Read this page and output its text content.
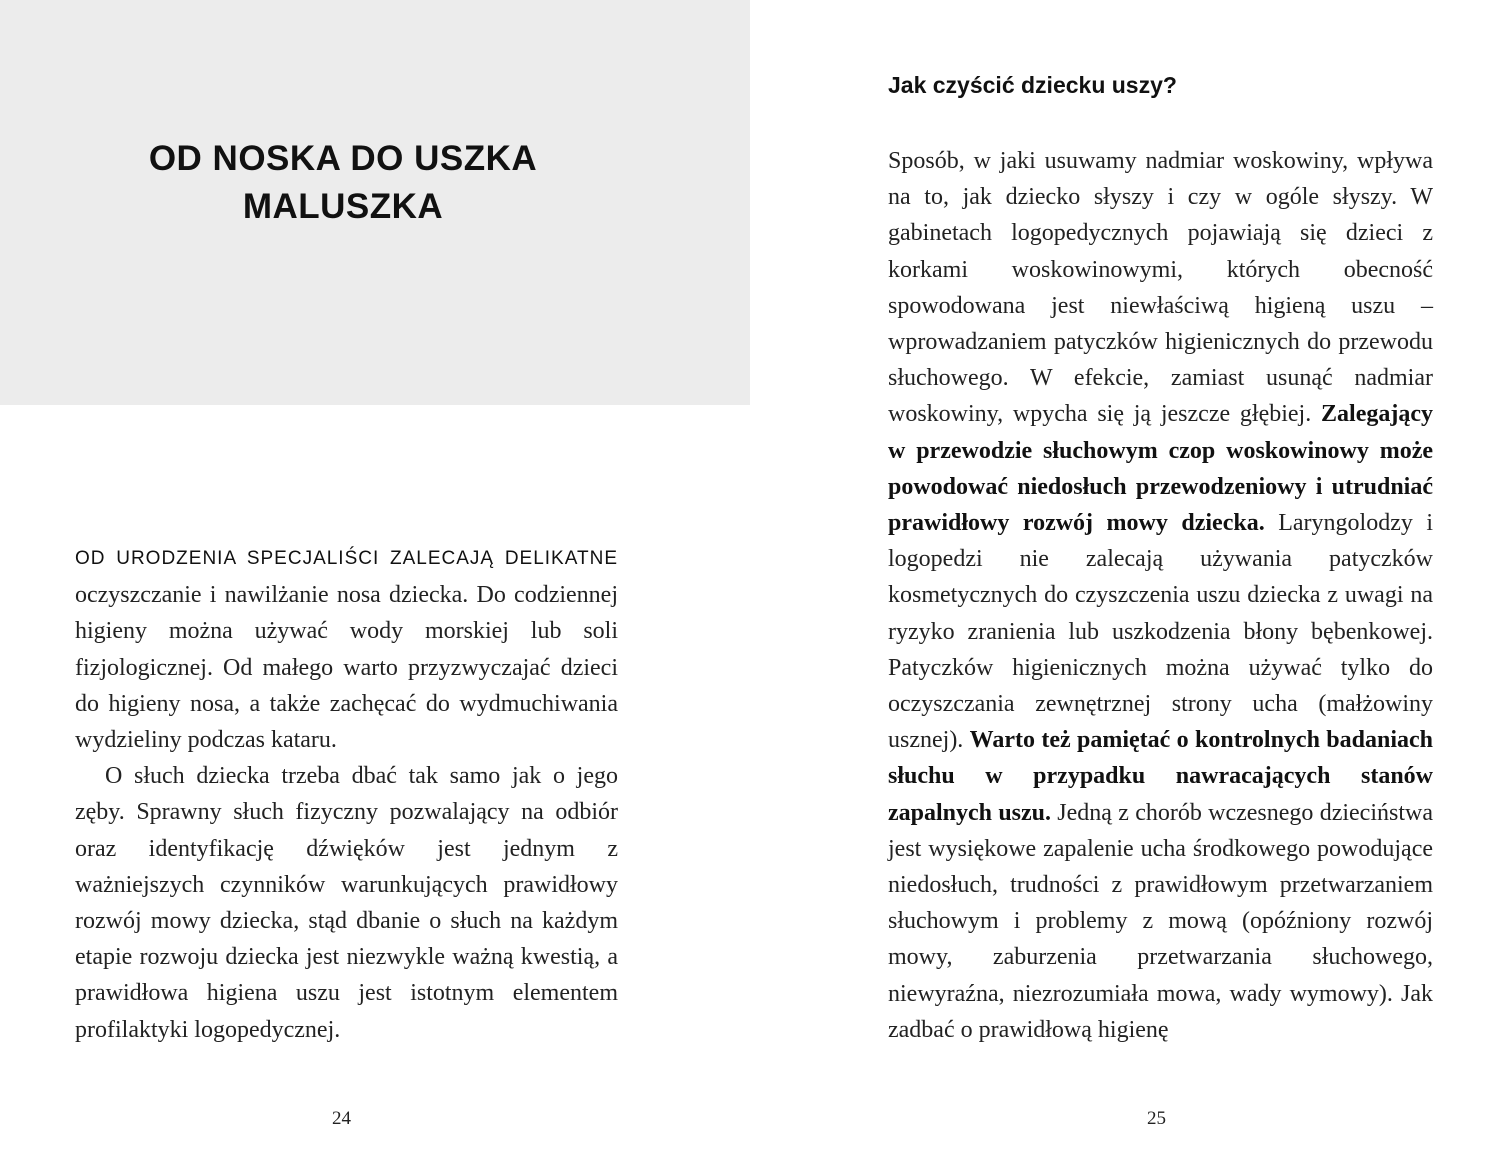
OD NOSKA DO USZKA
MALUSZKA

OD URODZENIA SPECJALIŚCI ZALECAJĄ DELIKATNE oczyszczanie i nawilżanie nosa dziecka. Do codziennej higieny można używać wody morskiej lub soli fizjologicznej. Od małego warto przyzwyczajać dzieci do higieny nosa, a także zachęcać do wydmuchiwania wydzieliny podczas kataru.

O słuch dziecka trzeba dbać tak samo jak o jego zęby. Sprawny słuch fizyczny pozwalający na odbiór oraz identyfikację dźwięków jest jednym z ważniejszych czynników warunkujących prawidłowy rozwój mowy dziecka, stąd dbanie o słuch na każdym etapie rozwoju dziecka jest niezwykle ważną kwestią, a prawidłowa higiena uszu jest istotnym elementem profilaktyki logopedycznej.

24
Jak czyścić dziecku uszy?

Sposób, w jaki usuwamy nadmiar woskowiny, wpływa na to, jak dziecko słyszy i czy w ogóle słyszy. W gabinetach logopedycznych pojawiają się dzieci z korkami woskowinowymi, których obecność spowodowana jest niewłaściwą higieną uszu – wprowadzaniem patyczków higienicznych do przewodu słuchowego. W efekcie, zamiast usunąć nadmiar woskowiny, wpycha się ją jeszcze głębiej. Zalegający w przewodzie słuchowym czop woskowinowy może powodować niedosłuch przewodzeniowy i utrudniać prawidłowy rozwój mowy dziecka. Laryngolodzy i logopedzi nie zalecają używania patyczków kosmetycznych do czyszczenia uszu dziecka z uwagi na ryzyko zranienia lub uszkodzenia błony bębenkowej. Patyczków higienicznych można używać tylko do oczyszczania zewnętrznej strony ucha (małżowiny usznej). Warto też pamiętać o kontrolnych badaniach słuchu w przypadku nawracających stanów zapalnych uszu. Jedną z chorób wczesnego dzieciństwa jest wysiękowe zapalenie ucha środkowego powodujące niedosłuch, trudności z prawidłowym przetwarzaniem słuchowym i problemy z mową (opóźniony rozwój mowy, zaburzenia przetwarzania słuchowego, niewyraźna, niezrozumiała mowa, wady wymowy). Jak zadbać o prawidłową higienę

25
